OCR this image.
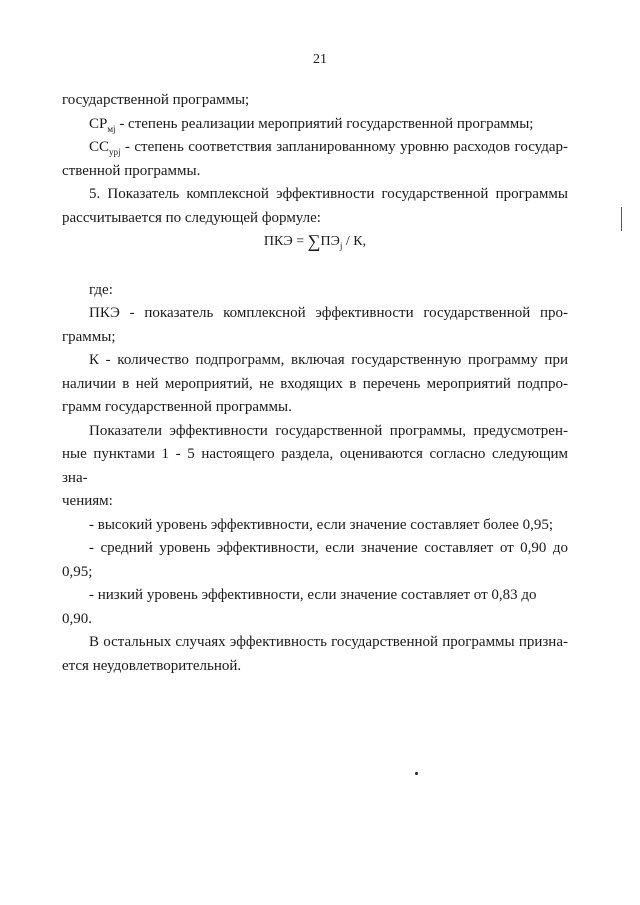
21

государственной программы;

$СР_{мj}$ - степень реализации мероприятий государственной программы;

$СС_{урj}$ - степень соответствия запланированному уровню расходов государ-

ственной программы.

5. Показатель комплексной эффективности государственной программы

рассчитывается по следующей формуле:

ПКЭ = $\sum ПЭ_j$ / К,

где:

ПКЭ - показатель комплексной эффективности государственной про-

граммы;

К - количество подпрограмм, включая государственную программу при

наличии в ней мероприятий, не входящих в перечень мероприятий подпро-

грамм государственной программы.

Показатели эффективности государственной программы, предусмотрен-

ные пунктами 1 - 5 настоящего раздела, оцениваются согласно следующим зна-

чениям:

- высокий уровень эффективности, если значение составляет более 0,95;

- средний уровень эффективности, если значение составляет от 0,90 до

0,95;

- низкий уровень эффективности, если значение составляет от 0,83 до 0,90.

В остальных случаях эффективность государственной программы призна-

ется неудовлетворительной.
